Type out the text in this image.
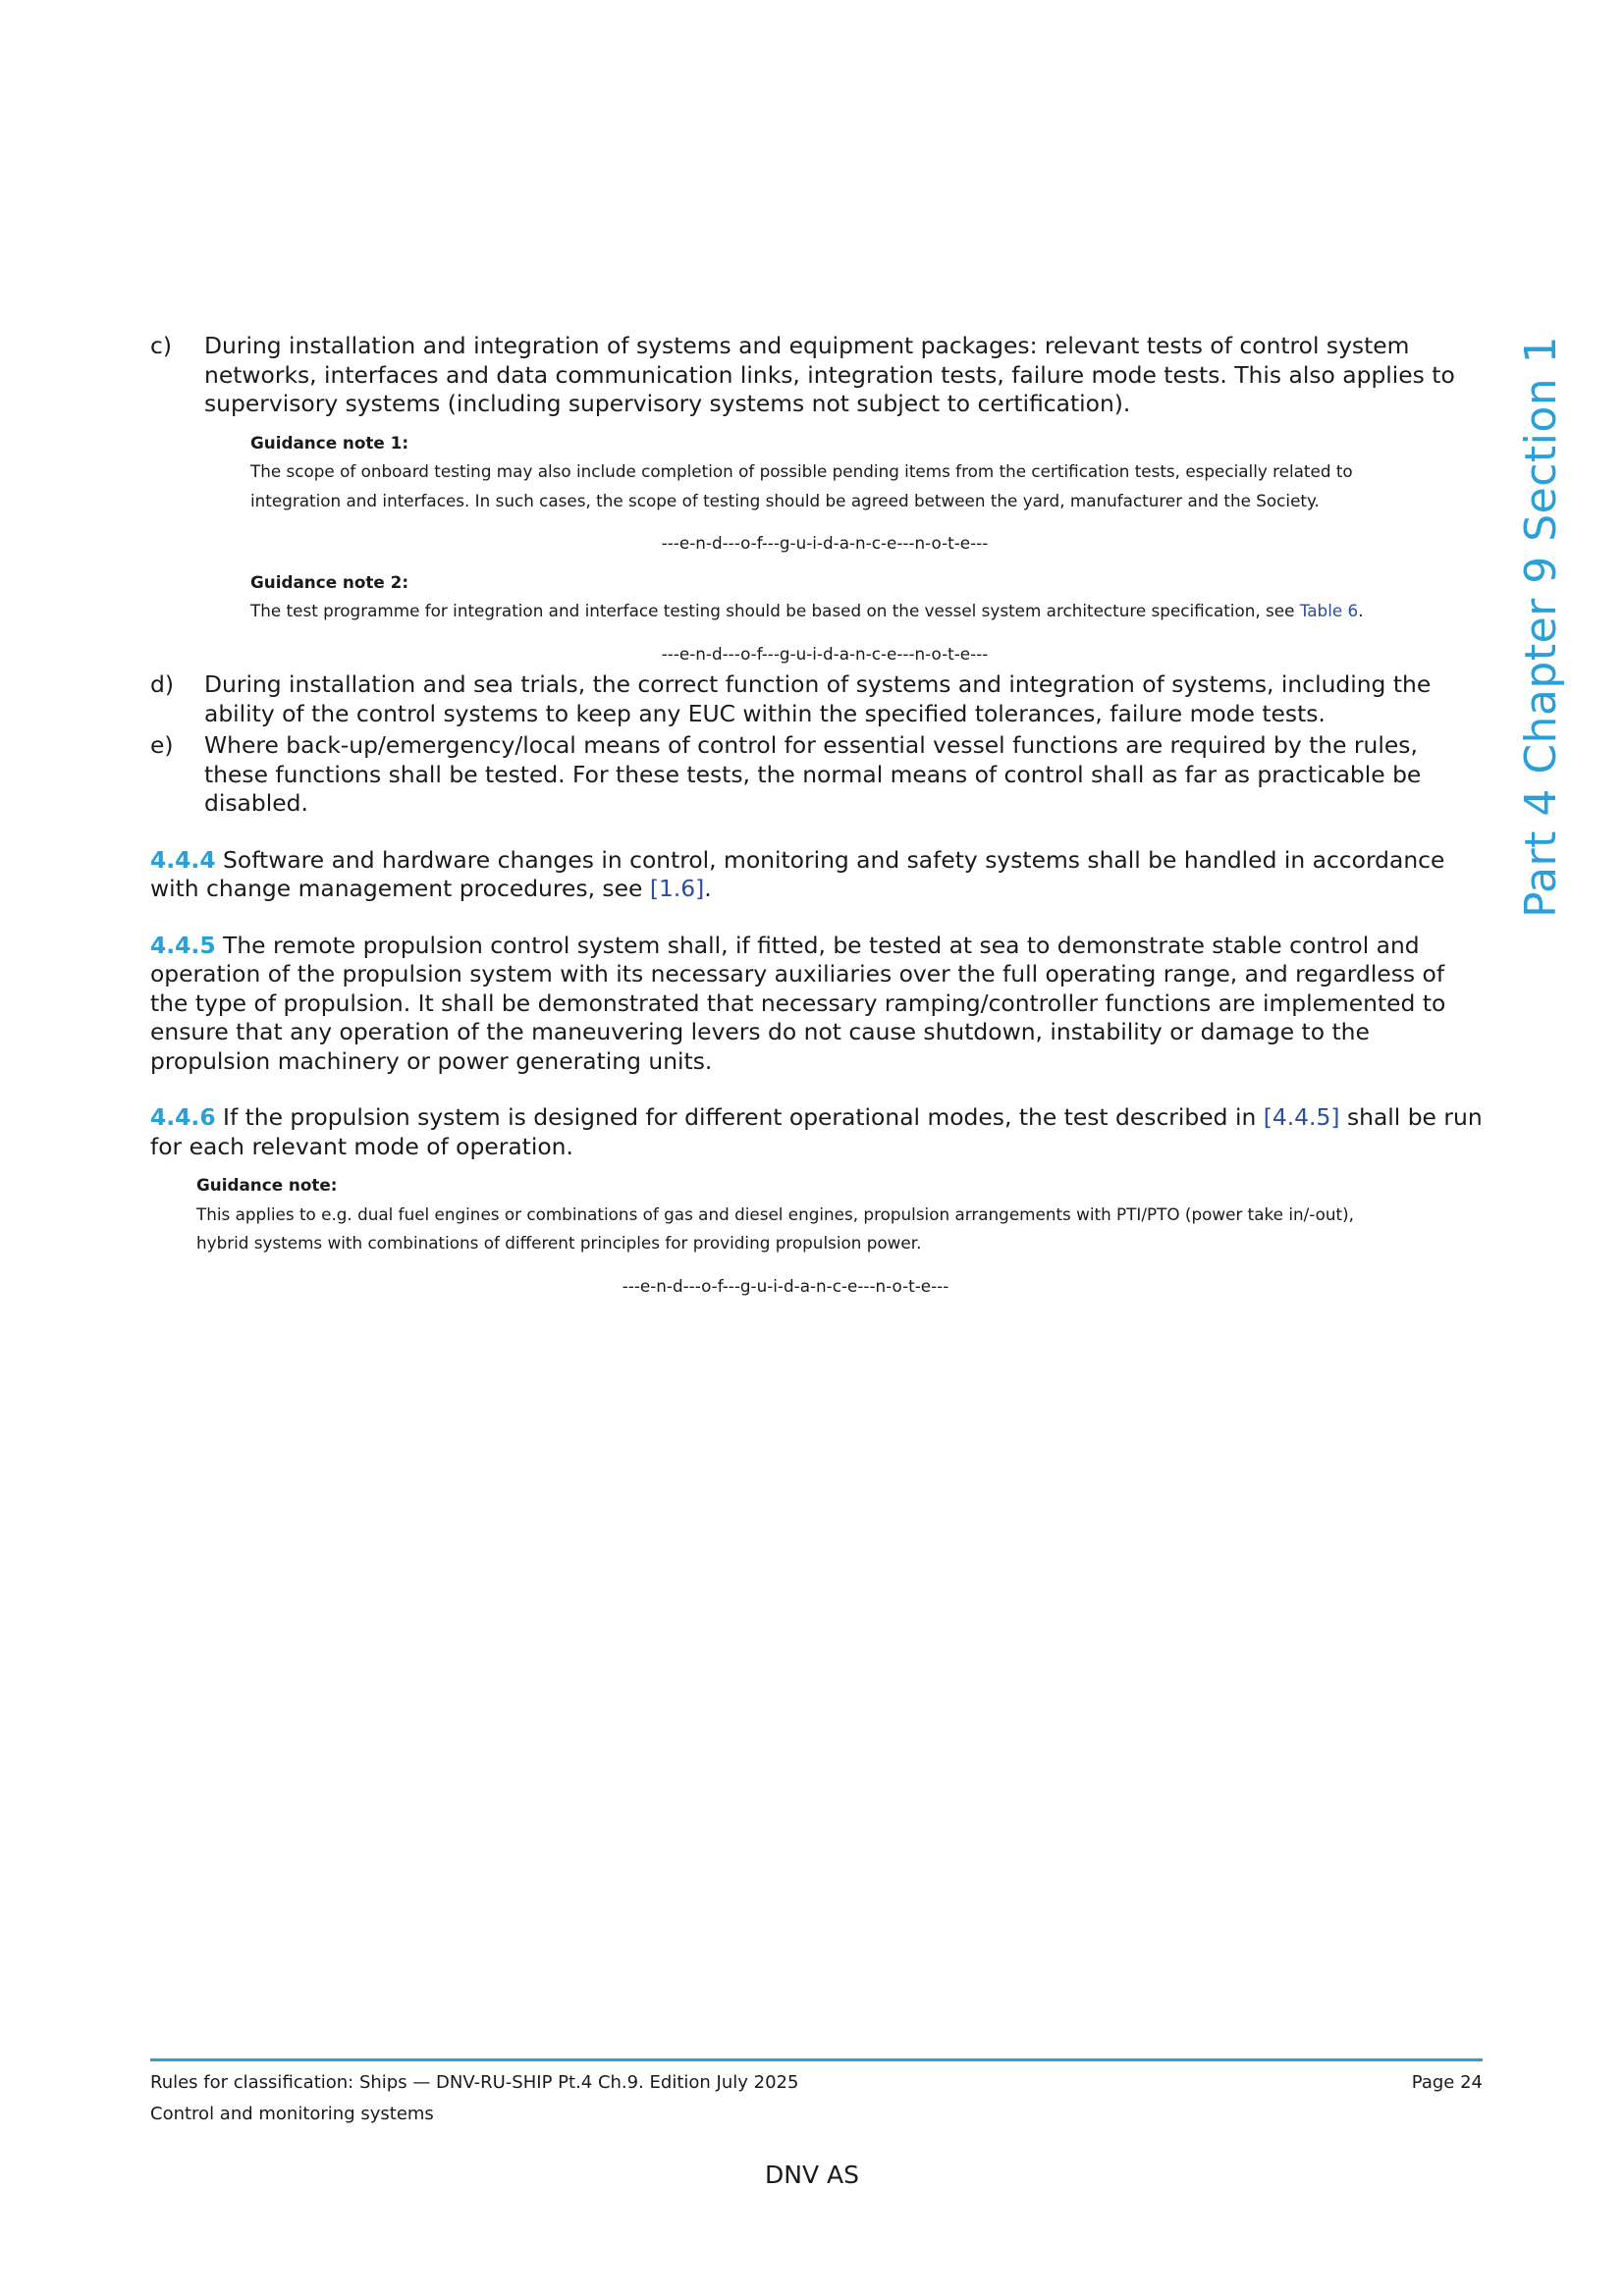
Part 4 Chapter 9 Section 1
c) During installation and integration of systems and equipment packages: relevant tests of control system networks, interfaces and data communication links, integration tests, failure mode tests. This also applies to supervisory systems (including supervisory systems not subject to certification).
Guidance note 1:
The scope of onboard testing may also include completion of possible pending items from the certification tests, especially related to integration and interfaces. In such cases, the scope of testing should be agreed between the yard, manufacturer and the Society.
---e-n-d---o-f---g-u-i-d-a-n-c-e---n-o-t-e---
Guidance note 2:
The test programme for integration and interface testing should be based on the vessel system architecture specification, see Table 6.
---e-n-d---o-f---g-u-i-d-a-n-c-e---n-o-t-e---
d) During installation and sea trials, the correct function of systems and integration of systems, including the ability of the control systems to keep any EUC within the specified tolerances, failure mode tests.
e) Where back-up/emergency/local means of control for essential vessel functions are required by the rules, these functions shall be tested. For these tests, the normal means of control shall as far as practicable be disabled.
4.4.4 Software and hardware changes in control, monitoring and safety systems shall be handled in accordance with change management procedures, see [1.6].
4.4.5 The remote propulsion control system shall, if fitted, be tested at sea to demonstrate stable control and operation of the propulsion system with its necessary auxiliaries over the full operating range, and regardless of the type of propulsion. It shall be demonstrated that necessary ramping/controller functions are implemented to ensure that any operation of the maneuvering levers do not cause shutdown, instability or damage to the propulsion machinery or power generating units.
4.4.6 If the propulsion system is designed for different operational modes, the test described in [4.4.5] shall be run for each relevant mode of operation.
Guidance note:
This applies to e.g. dual fuel engines or combinations of gas and diesel engines, propulsion arrangements with PTI/PTO (power take in/-out), hybrid systems with combinations of different principles for providing propulsion power.
---e-n-d---o-f---g-u-i-d-a-n-c-e---n-o-t-e---
Rules for classification: Ships — DNV-RU-SHIP Pt.4 Ch.9. Edition July 2025	Page 24
Control and monitoring systems
DNV AS
